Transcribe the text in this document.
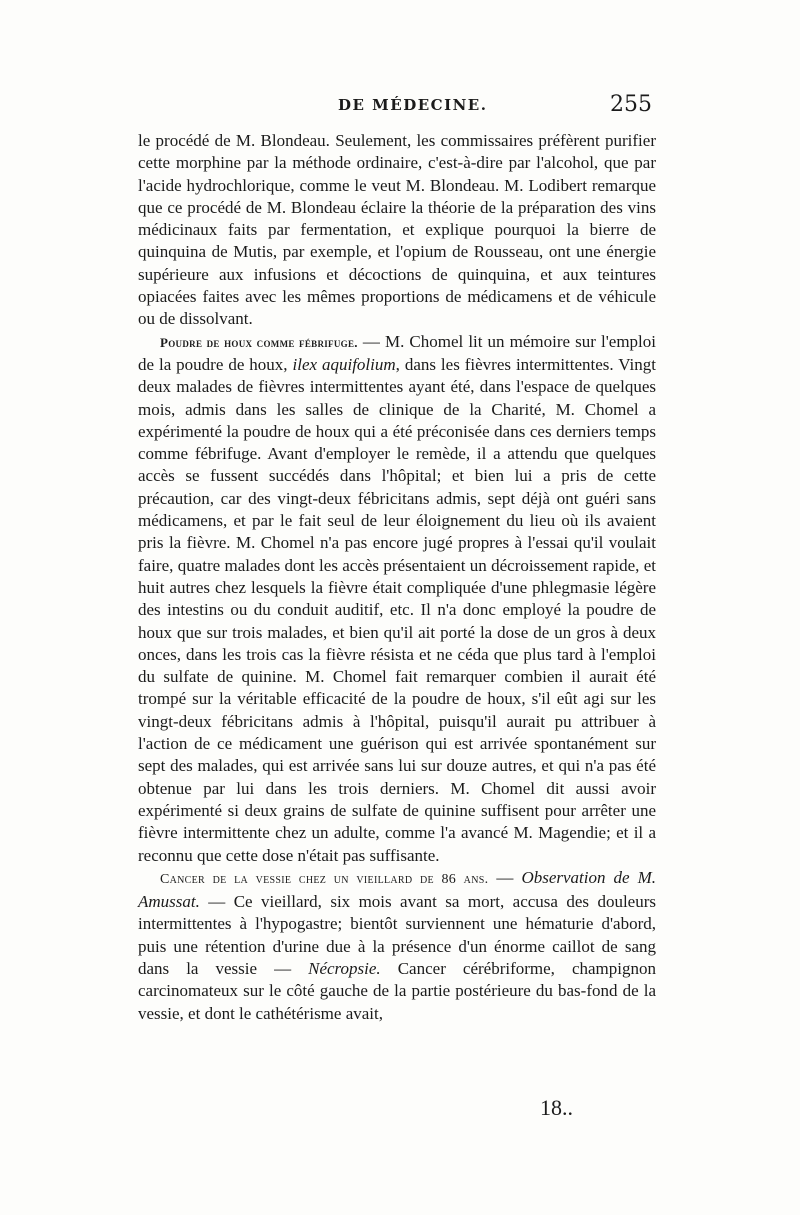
DE MÉDECINE.	255

le procédé de M. Blondeau. Seulement, les commissaires préfèrent purifier cette morphine par la méthode ordinaire, c'est-à-dire par l'alcohol, que par l'acide hydrochlorique, comme le veut M. Blondeau. M. Lodibert remarque que ce procédé de M. Blondeau éclaire la théorie de la préparation des vins médicinaux faits par fermentation, et explique pourquoi la bierre de quinquina de Mutis, par exemple, et l'opium de Rousseau, ont une énergie supérieure aux infusions et décoctions de quinquina, et aux teintures opiacées faites avec les mêmes proportions de médicamens et de véhicule ou de dissolvant.

Poudre de houx comme fébrifuge. — M. Chomel lit un mémoire sur l'emploi de la poudre de houx, ilex aquifolium, dans les fièvres intermittentes. Vingt deux malades de fièvres intermittentes ayant été, dans l'espace de quelques mois, admis dans les salles de clinique de la Charité, M. Chomel a expérimenté la poudre de houx qui a été préconisée dans ces derniers temps comme fébrifuge. Avant d'employer le remède, il a attendu que quelques accès se fussent succédés dans l'hôpital; et bien lui a pris de cette précaution, car des vingt-deux fébricitans admis, sept déjà ont guéri sans médicamens, et par le fait seul de leur éloignement du lieu où ils avaient pris la fièvre. M. Chomel n'a pas encore jugé propres à l'essai qu'il voulait faire, quatre malades dont les accès présentaient un décroissement rapide, et huit autres chez lesquels la fièvre était compliquée d'une phlegmasie légère des intestins ou du conduit auditif, etc. Il n'a donc employé la poudre de houx que sur trois malades, et bien qu'il ait porté la dose de un gros à deux onces, dans les trois cas la fièvre résista et ne céda que plus tard à l'emploi du sulfate de quinine. M. Chomel fait remarquer combien il aurait été trompé sur la véritable efficacité de la poudre de houx, s'il eût agi sur les vingt-deux fébricitans admis à l'hôpital, puisqu'il aurait pu attribuer à l'action de ce médicament une guérison qui est arrivée spontanément sur sept des malades, qui est arrivée sans lui sur douze autres, et qui n'a pas été obtenue par lui dans les trois derniers. M. Chomel dit aussi avoir expérimenté si deux grains de sulfate de quinine suffisent pour arrêter une fièvre intermittente chez un adulte, comme l'a avancé M. Magendie; et il a reconnu que cette dose n'était pas suffisante.

Cancer de la vessie chez un vieillard de 86 ans. — Observation de M. Amussat. — Ce vieillard, six mois avant sa mort, accusa des douleurs intermittentes à l'hypogastre; bientôt surviennent une hématurie d'abord, puis une rétention d'urine due à la présence d'un énorme caillot de sang dans la vessie — Nécropsie. Cancer cérébriforme, champignon carcinomateux sur le côté gauche de la partie postérieure du bas-fond de la vessie, et dont le cathétérisme avait,

18..
